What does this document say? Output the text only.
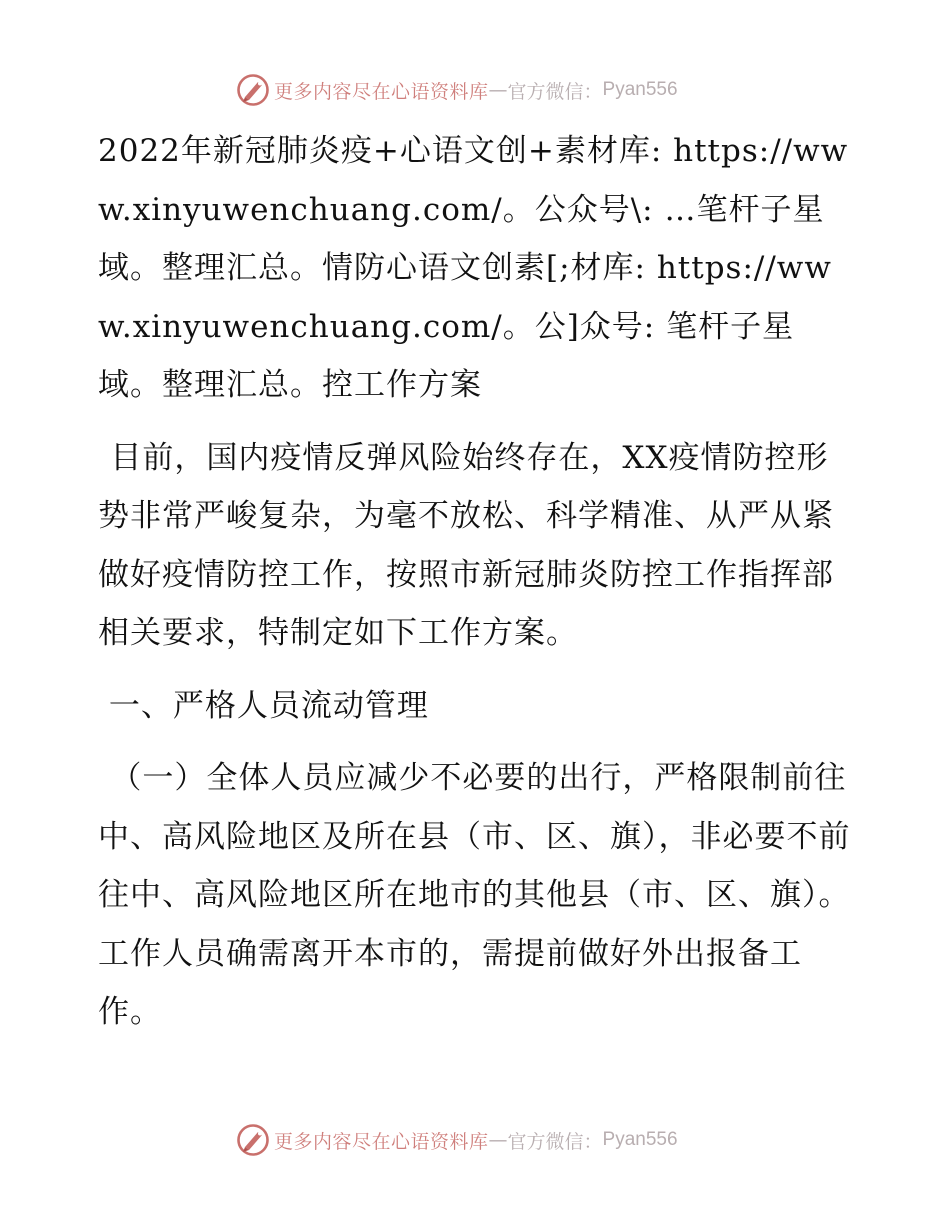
更多内容尽在心语资料库 — 官方微信： Pyan556

2022年新冠肺炎疫+心语文创+素材库: https://www.xinyuwenchuang.com/。公众号\: …笔杆子星域。整理汇总。情防心语文创素[;材库: https://www.xinyuwenchuang.com/。公]众号: 笔杆子星域。整理汇总。控工作方案

目前，国内疫情反弹风险始终存在，XX疫情防控形势非常严峻复杂，为毫不放松、科学精准、从严从紧做好疫情防控工作，按照市新冠肺炎防控工作指挥部相关要求，特制定如下工作方案。

一、严格人员流动管理

（一）全体人员应减少不必要的出行，严格限制前往中、高风险地区及所在县（市、区、旗），非必要不前往中、高风险地区所在地市的其他县（市、区、旗）。工作人员确需离开本市的，需提前做好外出报备工作。

更多内容尽在心语资料库 — 官方微信： Pyan556
